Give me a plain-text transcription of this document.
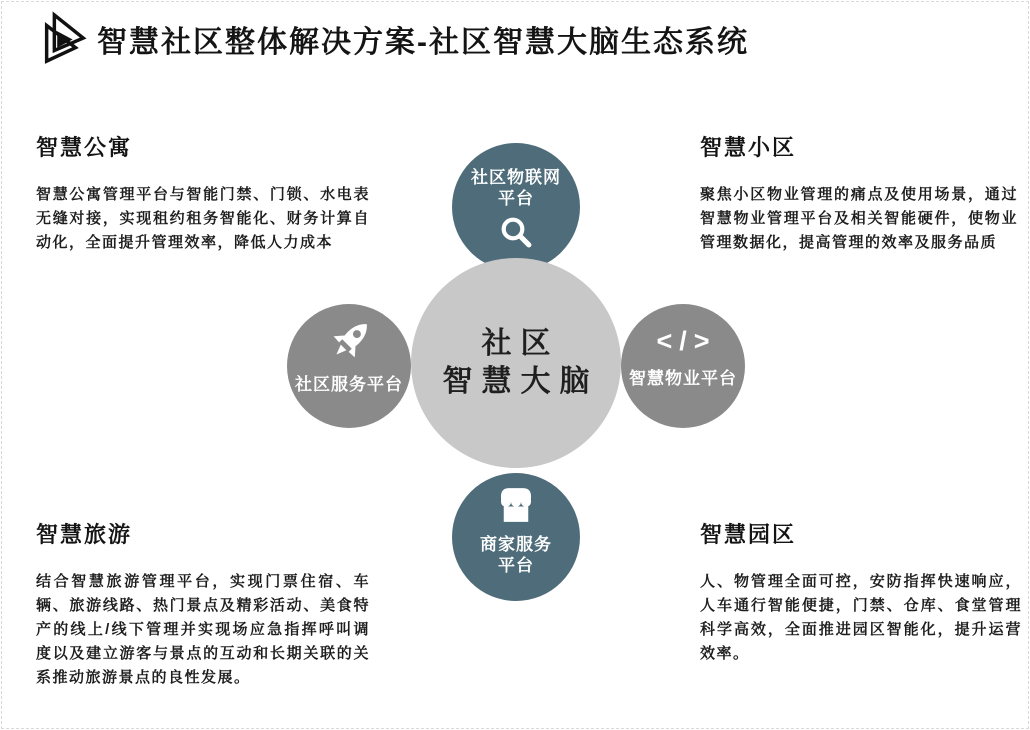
智慧社区整体解决方案-社区智慧大脑生态系统
智慧公寓

智慧公寓管理平台与智能门禁、门锁、水电表无缝对接，实现租约租务智能化、财务计算自动化，全面提升管理效率，降低人力成本

智慧小区

聚焦小区物业管理的痛点及使用场景，通过智慧物业管理平台及相关智能硬件，使物业管理数据化，提高管理的效率及服务品质

智慧旅游

结合智慧旅游管理平台，实现门票住宿、车辆、旅游线路、热门景点及精彩活动、美食特产的线上/线下管理并实现场应急指挥呼叫调度以及建立游客与景点的互动和长期关联的关系推动旅游景点的良性发展。

智慧园区

人、物管理全面可控，安防指挥快速响应，人车通行智能便捷，门禁、仓库、食堂管理科学高效，全面推进园区智能化，提升运营效率。

社区物联网
平台
社区服务平台
</>
智慧物业平台
商家服务
平台
社区
智慧大脑
